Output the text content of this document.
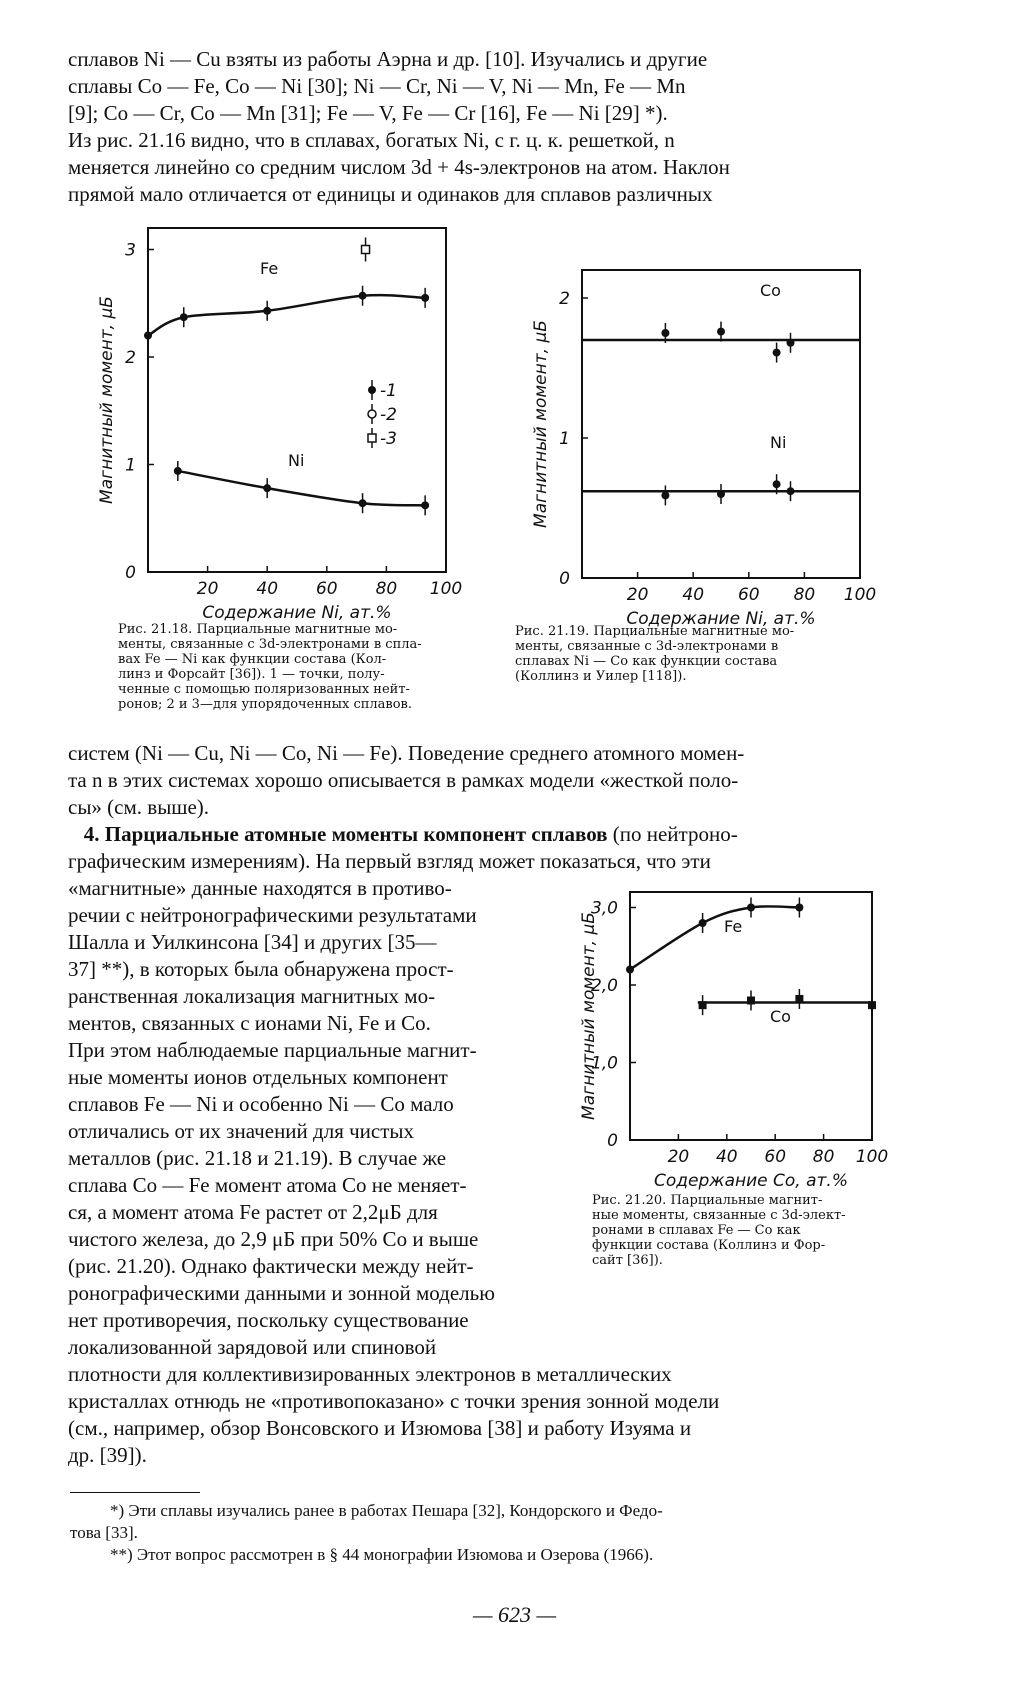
сплавов Ni — Cu взяты из работы Аэрна и др. [10]. Изучались и другие
сплавы Co — Fe, Co — Ni [30]; Ni — Cr, Ni — V, Ni — Mn, Fe — Mn
[9]; Co — Cr, Co — Mn [31]; Fe — V, Fe — Cr [16], Fe — Ni [29] *).
Из рис. 21.16 видно, что в сплавах, богатых Ni, с г. ц. к. решеткой, n
меняется линейно со средним числом 3d + 4s-электронов на атом. Наклон
прямой мало отличается от единицы и одинаков для сплавов различных
20 40 60 80 100
0
1
2
3
Содержание Ni, ат.%
Магнитный момент, μБ
Fe
Ni
-1
-2
-3
Рис. 21.18. Парциальные магнитные мо-
менты, связанные с 3d-электронами в спла-
вах Fe — Ni как функции состава (Кол-
линз и Форсайт [36]). 1 — точки, полу-
ченные с помощью поляризованных нейт-
ронов; 2 и 3—для упорядоченных сплавов.
20 40 60 80 100
0
1
2
Содержание Ni, ат.%
Магнитный момент, μБ
Co
Ni
Рис. 21.19. Парциальные магнитные мо-
менты, связанные с 3d-электронами в
сплавах Ni — Co как функции состава
(Коллинз и Уилер [118]).
систем (Ni — Cu, Ni — Co, Ni — Fe). Поведение среднего атомного момен-
та n в этих системах хорошо описывается в рамках модели «жесткой поло-
сы» (см. выше).
4. Парциальные атомные моменты компонент сплавов (по нейтроно-
графическим измерениям). На первый взгляд может показаться, что эти
«магнитные» данные находятся в противо-
речии с нейтронографическими результатами
Шалла и Уилкинсона [34] и других [35—
37] **), в которых была обнаружена прост-
ранственная локализация магнитных мо-
ментов, связанных с ионами Ni, Fe и Co.
При этом наблюдаемые парциальные магнит-
ные моменты ионов отдельных компонент
сплавов Fe — Ni и особенно Ni — Co мало
отличались от их значений для чистых
металлов (рис. 21.18 и 21.19). В случае же
сплава Co — Fe момент атома Co не меняет-
ся, а момент атома Fe растет от 2,2μБ для
чистого железа, до 2,9 μБ при 50% Co и выше
(рис. 21.20). Однако фактически между нейт-
ронографическими данными и зонной моделью
нет противоречия, поскольку существование
локализованной зарядовой или спиновой
20 40 60 80 100
0
1,0
2,0
3,0
Содержание Co, ат.%
Магнитный момент, μБ	Fe
Co
Рис. 21.20. Парциальные магнит-
ные моменты, связанные с 3d-элект-
ронами в сплавах Fe — Co как
функции состава (Коллинз и Фор-
сайт [36]).
плотности для коллективизированных электронов в металлических
кристаллах отнюдь не «противопоказано» с точки зрения зонной модели
(см., например, обзор Вонсовского и Изюмова [38] и работу Изуяма и
др. [39]).
*) Эти сплавы изучались ранее в работах Пешара [32], Кондорского и Федо-
това [33].
**) Этот вопрос рассмотрен в § 44 монографии Изюмова и Озерова (1966).
— 623 —
